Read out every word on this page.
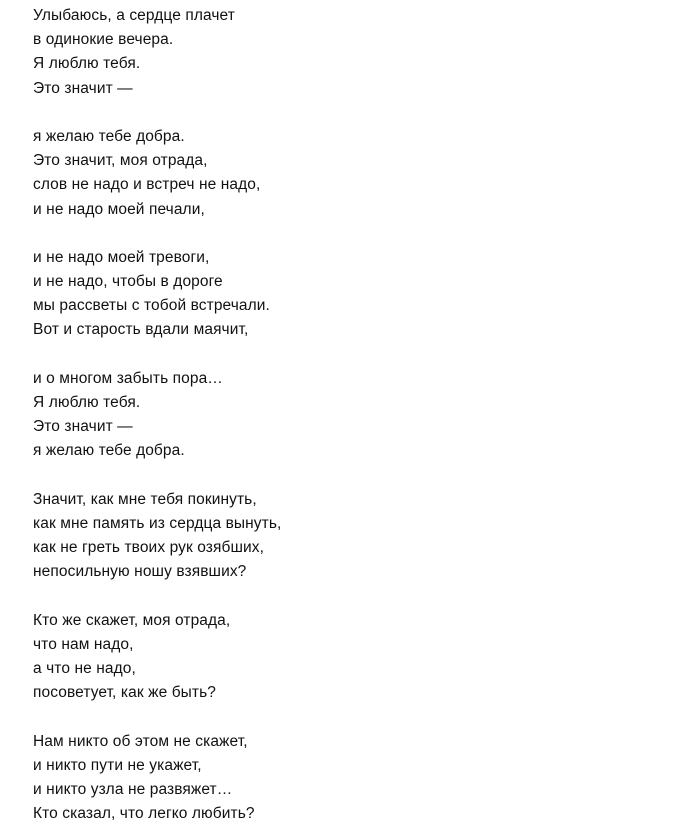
Улыбаюсь, а сердце плачет
в одинокие вечера.
Я люблю тебя.
Это значит —
я желаю тебе добра.
Это значит, моя отрада,
слов не надо и встреч не надо,
и не надо моей печали,
и не надо моей тревоги,
и не надо, чтобы в дороге
мы рассветы с тобой встречали.
Вот и старость вдали маячит,
и о многом забыть пора…
Я люблю тебя.
Это значит —
я желаю тебе добра.
Значит, как мне тебя покинуть,
как мне память из сердца вынуть,
как не греть твоих рук озябших,
непосильную ношу взявших?
Кто же скажет, моя отрада,
что нам надо,
а что не надо,
посоветует, как же быть?
Нам никто об этом не скажет,
и никто пути не укажет,
и никто узла не развяжет…
Кто сказал, что легко любить?
